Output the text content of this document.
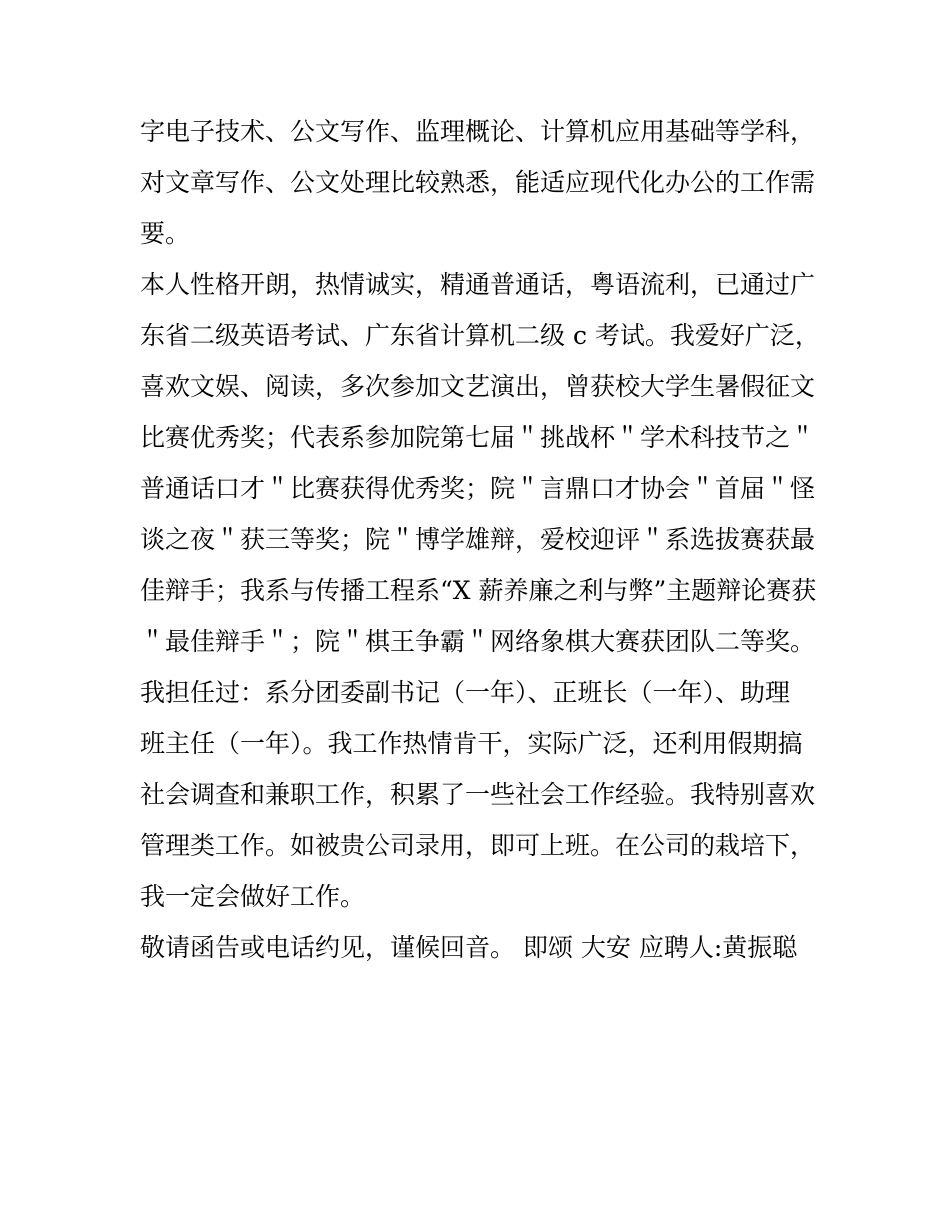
字电子技术、公文写作、监理概论、计算机应用基础等学科，
对文章写作、公文处理比较熟悉，能适应现代化办公的工作需
要。
本人性格开朗，热情诚实，精通普通话，粤语流利，已通过广
东省二级英语考试、广东省计算机二级 c 考试。我爱好广泛，
喜欢文娱、阅读，多次参加文艺演出，曾获校大学生暑假征文
比赛优秀奖；代表系参加院第七届＂挑战杯＂学术科技节之＂
普通话口才＂比赛获得优秀奖；院＂言鼎口才协会＂首届＂怪
谈之夜＂获三等奖；院＂博学雄辩，爱校迎评＂系选拔赛获最
佳辩手；我系与传播工程系“X 薪养廉之利与弊”主题辩论赛获
＂最佳辩手＂；院＂棋王争霸＂网络象棋大赛获团队二等奖。
我担任过：系分团委副书记（一年）、正班长（一年）、助理
班主任（一年）。我工作热情肯干，实际广泛，还利用假期搞
社会调查和兼职工作，积累了一些社会工作经验。我特别喜欢
管理类工作。如被贵公司录用，即可上班。在公司的栽培下，
我一定会做好工作。
敬请函告或电话约见，谨候回音。 即颂 大安 应聘人:黄振聪
